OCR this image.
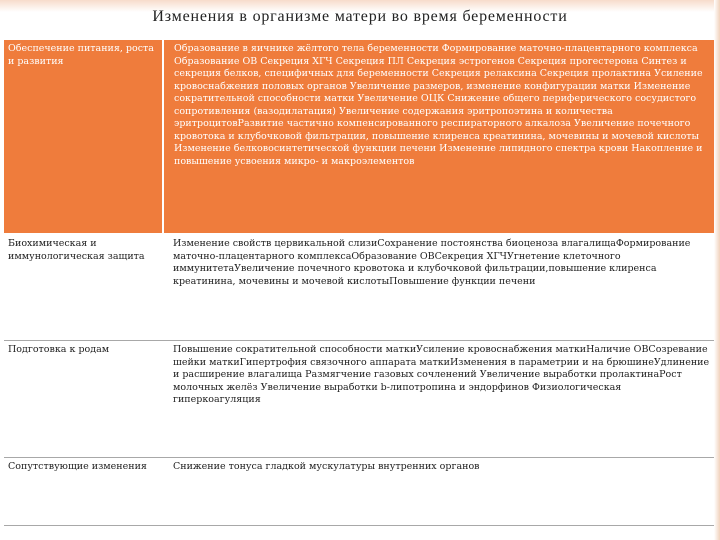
Изменения в организме матери во время беременности
Обеспечение питания, роста и развития	Образование в яичнике жёлтого тела беременности Формирование маточно-плацентарного комплекса Образование ОВ Секреция ХГЧ Секреция ПЛ Секреция эстрогенов Секреция прогестерона Синтез и секреция белков, специфичных для беременности Секреция релаксина Секреция пролактина Усиление кровоснабжения половых органов Увеличение размеров, изменение конфигурации матки Изменение сократительной способности матки Увеличение ОЦК Снижение общего периферического сосудистого сопротивления (вазодилатация) Увеличение содержания эритропоэтина и количества эритроцитовРазвитие частично компенсированного респираторного алкалоза Увеличение почечного кровотока и клубочковой фильтрации, повышение клиренса креатинина, мочевины и мочевой кислоты Изменение белковосинтетической функции печени Изменение липидного спектра крови Накопление и повышение усвоения микро- и макроэлементов
Биохимическая и иммунологическая защита	Изменение свойств цервикальной слизиСохранение постоянства биоценоза влагалищаФормирование маточно-плацентарного комплексаОбразование ОВСекреция ХГЧУгнетение клеточного иммунитетаУвеличение почечного кровотока и клубочковой фильтрации,повышение клиренса креатинина, мочевины и мочевой кислотыПовышение функции печени
Подготовка к родам	Повышение сократительной способности маткиУсиление кровоснабжения маткиНаличие ОВСозревание шейки маткиГипертрофия связочного аппарата маткиИзменения в параметрии и на брюшинеУдлинение и расширение влагалища Размягчение газовых сочленений Увеличение выработки пролактинаРост молочных желёз Увеличение выработки b-липотропина и эндорфинов Физиологическая гиперкоагуляция
Сопутствующие изменения	Снижение тонуса гладкой мускулатуры внутренних органов
